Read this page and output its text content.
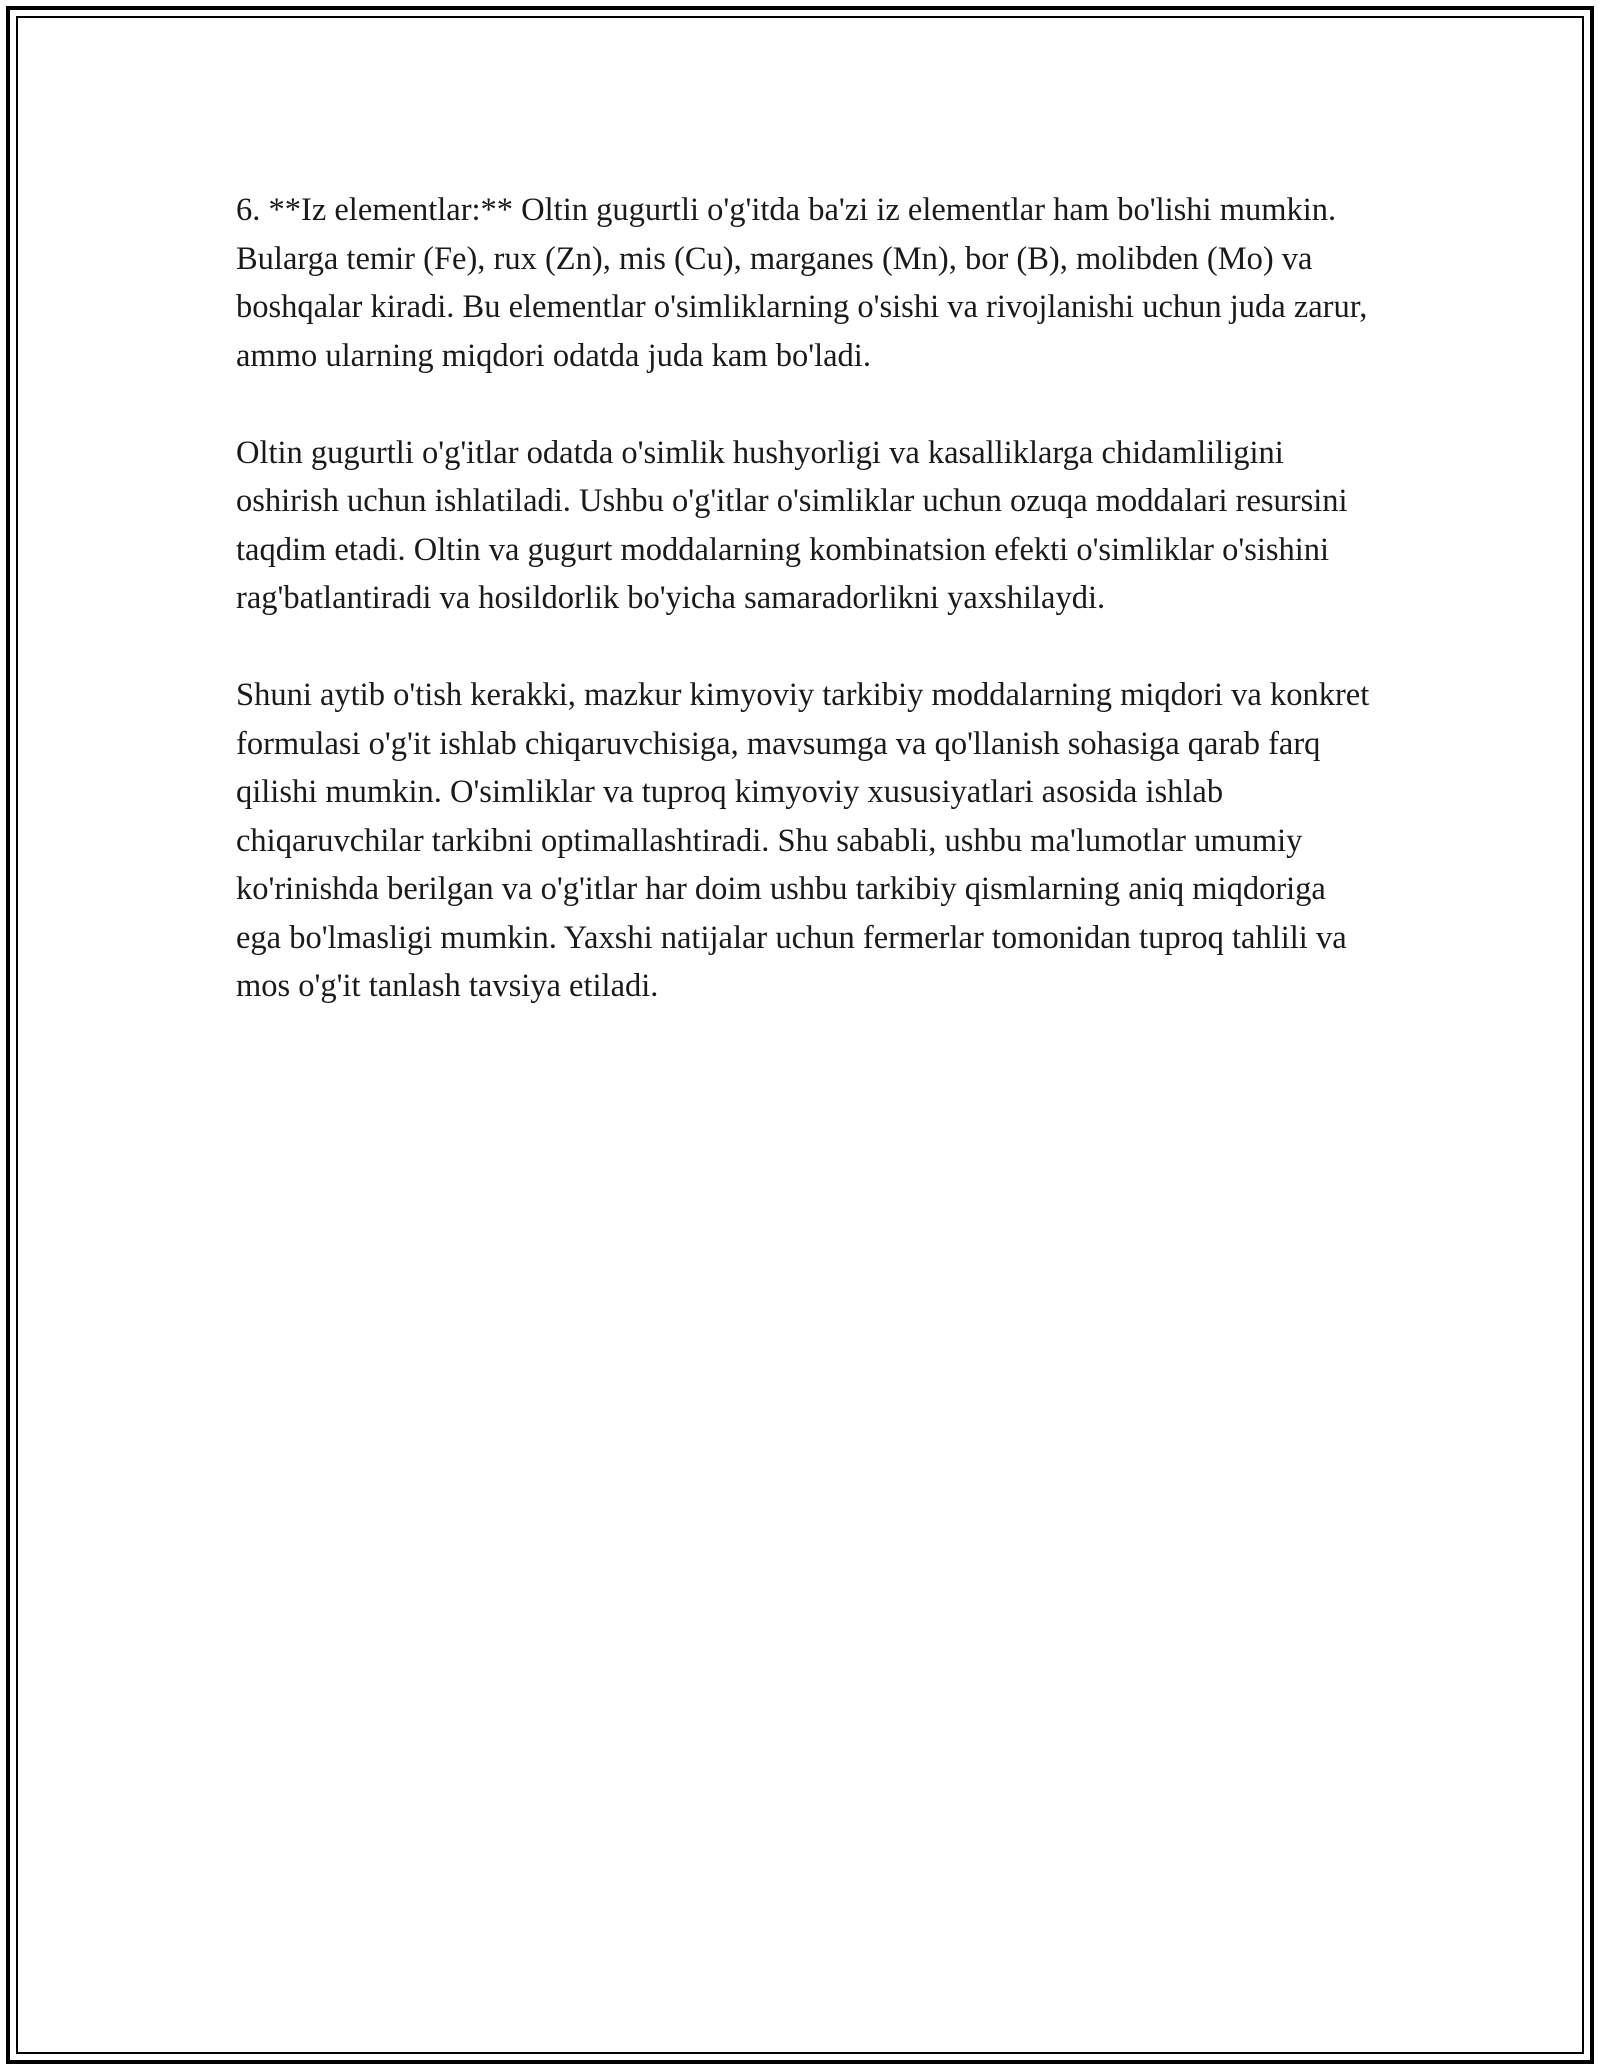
6. **Iz elementlar:** Oltin gugurtli o'g'itda ba'zi iz elementlar ham bo'lishi mumkin. Bularga temir (Fe), rux (Zn), mis (Cu), marganes (Mn), bor (B), molibden (Mo) va boshqalar kiradi. Bu elementlar o'simliklarning o'sishi va rivojlanishi uchun juda zarur, ammo ularning miqdori odatda juda kam bo'ladi.

Oltin gugurtli o'g'itlar odatda o'simlik hushyorligi va kasalliklarga chidamliligini oshirish uchun ishlatiladi. Ushbu o'g'itlar o'simliklar uchun ozuqa moddalari resursini taqdim etadi. Oltin va gugurt moddalarning kombinatsion efekti o'simliklar o'sishini rag'batlantiradi va hosildorlik bo'yicha samaradorlikni yaxshilaydi.

Shuni aytib o'tish kerakki, mazkur kimyoviy tarkibiy moddalarning miqdori va konkret formulasi o'g'it ishlab chiqaruvchisiga, mavsumga va qo'llanish sohasiga qarab farq qilishi mumkin. O'simliklar va tuproq kimyoviy xususiyatlari asosida ishlab chiqaruvchilar tarkibni optimallashtiradi. Shu sababli, ushbu ma'lumotlar umumiy ko'rinishda berilgan va o'g'itlar har doim ushbu tarkibiy qismlarning aniq miqdoriga ega bo'lmasligi mumkin. Yaxshi natijalar uchun fermerlar tomonidan tuproq tahlili va mos o'g'it tanlash tavsiya etiladi.
